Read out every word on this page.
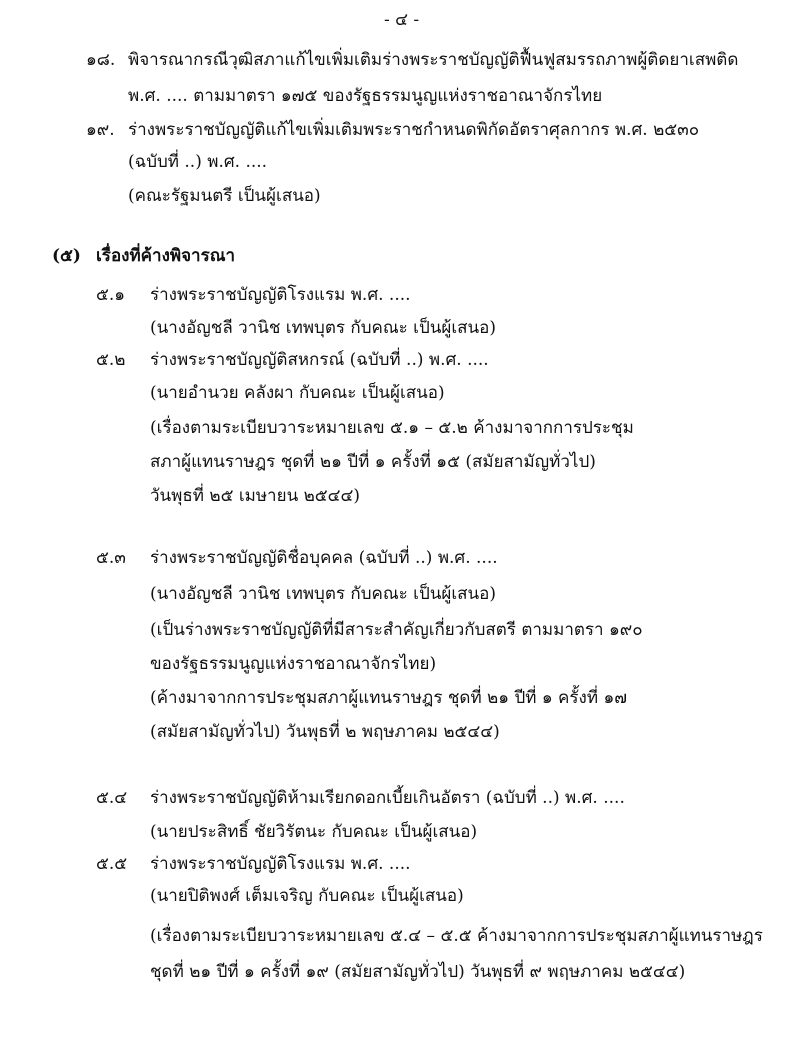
- ๔ -
๑๘. พิจารณากรณีวุฒิสภาแก้ไขเพิ่มเติมร่างพระราชบัญญัติฟื้นฟูสมรรถภาพผู้ติดยาเสพติด
พ.ศ. .... ตามมาตรา ๑๗๕ ของรัฐธรรมนูญแห่งราชอาณาจักรไทย
๑๙. ร่างพระราชบัญญัติแก้ไขเพิ่มเติมพระราชกำหนดพิกัดอัตราศุลกากร พ.ศ. ๒๕๓๐
(ฉบับที่ ..) พ.ศ. ....
(คณะรัฐมนตรี เป็นผู้เสนอ)
(๕) เรื่องที่ค้างพิจารณา
๕.๑ ร่างพระราชบัญญัติโรงแรม พ.ศ. ....
(นางอัญชลี วานิช เทพบุตร กับคณะ เป็นผู้เสนอ)
๕.๒ ร่างพระราชบัญญัติสหกรณ์ (ฉบับที่ ..) พ.ศ. ....
(นายอำนวย คลังผา กับคณะ เป็นผู้เสนอ)
(เรื่องตามระเบียบวาระหมายเลข ๕.๑ – ๕.๒ ค้างมาจากการประชุม
สภาผู้แทนราษฎร ชุดที่ ๒๑ ปีที่ ๑ ครั้งที่ ๑๕ (สมัยสามัญทั่วไป)
วันพุธที่ ๒๕ เมษายน ๒๕๔๔)
๕.๓ ร่างพระราชบัญญัติชื่อบุคคล (ฉบับที่ ..) พ.ศ. ....
(นางอัญชลี วานิช เทพบุตร กับคณะ เป็นผู้เสนอ)
(เป็นร่างพระราชบัญญัติที่มีสาระสำคัญเกี่ยวกับสตรี ตามมาตรา ๑๙๐
ของรัฐธรรมนูญแห่งราชอาณาจักรไทย)
(ค้างมาจากการประชุมสภาผู้แทนราษฎร ชุดที่ ๒๑ ปีที่ ๑ ครั้งที่ ๑๗
(สมัยสามัญทั่วไป) วันพุธที่ ๒ พฤษภาคม ๒๕๔๔)
๕.๔ ร่างพระราชบัญญัติห้ามเรียกดอกเบี้ยเกินอัตรา (ฉบับที่ ..) พ.ศ. ....
(นายประสิทธิ์ ชัยวิรัตนะ กับคณะ เป็นผู้เสนอ)
๕.๕ ร่างพระราชบัญญัติโรงแรม พ.ศ. ....
(นายปิติพงศ์ เต็มเจริญ กับคณะ เป็นผู้เสนอ)
(เรื่องตามระเบียบวาระหมายเลข ๕.๔ – ๕.๕ ค้างมาจากการประชุมสภาผู้แทนราษฎร
ชุดที่ ๒๑ ปีที่ ๑ ครั้งที่ ๑๙ (สมัยสามัญทั่วไป) วันพุธที่ ๙ พฤษภาคม ๒๕๔๔)
